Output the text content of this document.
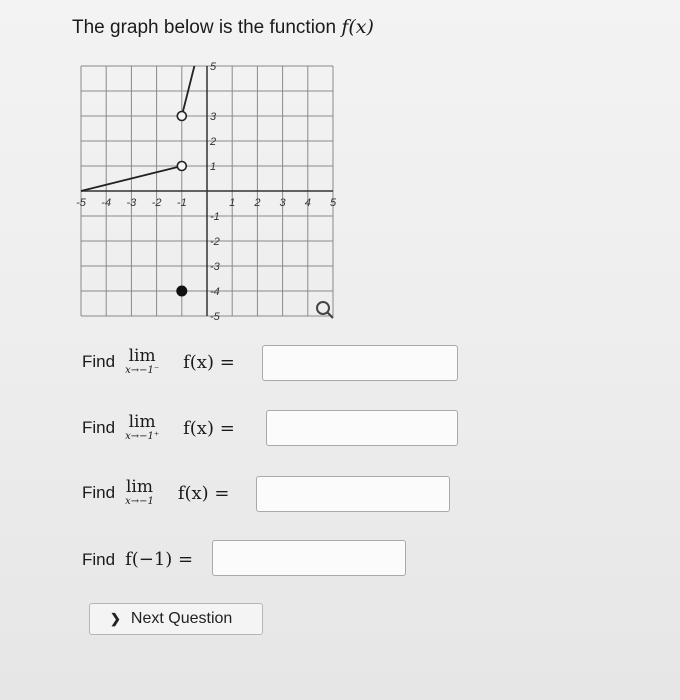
The graph below is the function f(x)
-5 -4 -3 -2 -1	1 2 3 4 5
1
2
3
5
-1
-2
-3
-4
-5
Find lim
x→−1⁻ f(x) =
Find lim
x→−1⁺ f(x) =
Find lim
x→−1 f(x) =
Find f(−1) =
❯ Next Question
